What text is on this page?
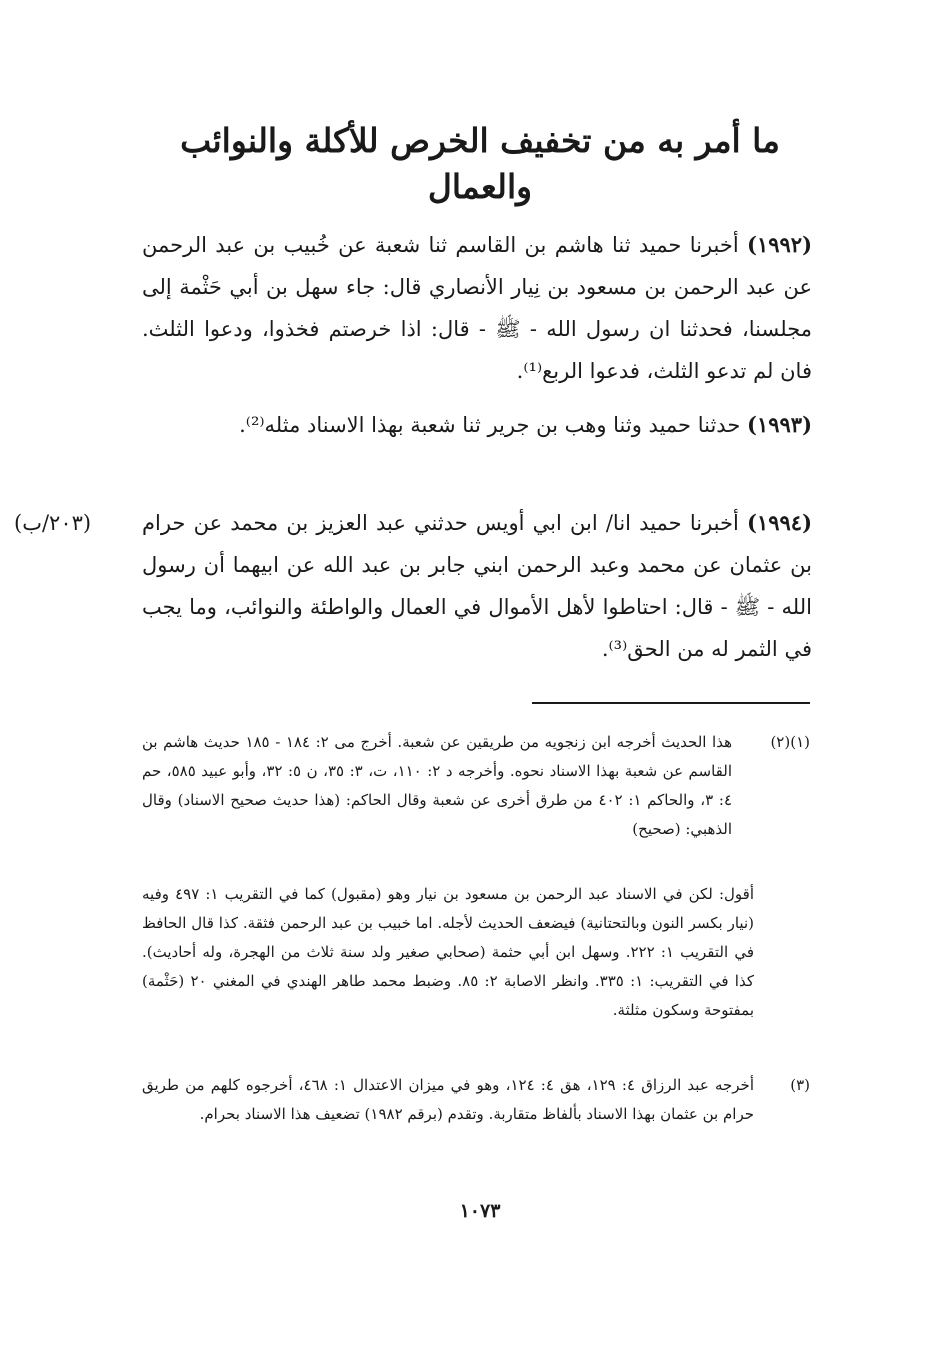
ما أمر به من تخفيف الخرص للأكلة والنوائب
والعمال

(١٩٩٢) أخبرنا حميد ثنا هاشم بن القاسم ثنا شعبة عن خُبيب بن عبد الرحمن عن عبد الرحمن بن مسعود بن نِيار الأنصاري قال: جاء سهل بن أبي حَثْمة إلى مجلسنا، فحدثنا ان رسول الله - ﷺ - قال: اذا خرصتم فخذوا، ودعوا الثلث. فان لم تدعو الثلث، فدعوا الربع⁽¹⁾.

(١٩٩٣) حدثنا حميد وثنا وهب بن جرير ثنا شعبة بهذا الاسناد مثله⁽²⁾.

(٢٠٣/ب)	(١٩٩٤) أخبرنا حميد انا/ ابن ابي أويس حدثني عبد العزيز بن محمد عن حرام بن عثمان عن محمد وعبد الرحمن ابني جابر بن عبد الله عن ابيهما أن رسول الله - ﷺ - قال: احتاطوا لأهل الأموال في العمال والواطئة والنوائب، وما يجب في الثمر له من الحق⁽³⁾.

(١)(٢)

هذا الحديث أخرجه ابن زنجويه من طريقين عن شعبة. أخرج مى ٢: ١٨٤ - ١٨٥ حديث هاشم بن القاسم عن شعبة بهذا الاسناد نحوه. وأخرجه د ٢: ١١٠، ت، ٣: ٣٥، ن ٥: ٣٢، وأبو عبيد ٥٨٥، حم ٤: ٣، والحاكم ١: ٤٠٢ من طرق أخرى عن شعبة وقال الحاكم: (هذا حديث صحيح الاسناد) وقال الذهبي: (صحيح)

أقول: لكن في الاسناد عبد الرحمن بن مسعود بن نيار وهو (مقبول) كما في التقريب ١: ٤٩٧ وفيه (نيار بكسر النون وبالتحتانية) فيضعف الحديث لأجله. اما خبيب بن عبد الرحمن فثقة. كذا قال الحافظ في التقريب ١: ٢٢٢. وسهل ابن أبي حثمة (صحابي صغير ولد سنة ثلاث من الهجرة، وله أحاديث). كذا في التقريب: ١: ٣٣٥. وانظر الاصابة ٢: ٨٥. وضبط محمد طاهر الهندي في المغني ٢٠ (حَثْمة) بمفتوحة وسكون مثلثة.

(٣)

أخرجه عبد الرزاق ٤: ١٢٩، هق ٤: ١٢٤، وهو في ميزان الاعتدال ١: ٤٦٨، أخرجوه كلهم من طريق حرام بن عثمان بهذا الاسناد بألفاظ متقاربة. وتقدم (برقم ١٩٨٢) تضعيف هذا الاسناد بحرام.

١٠٧٣
